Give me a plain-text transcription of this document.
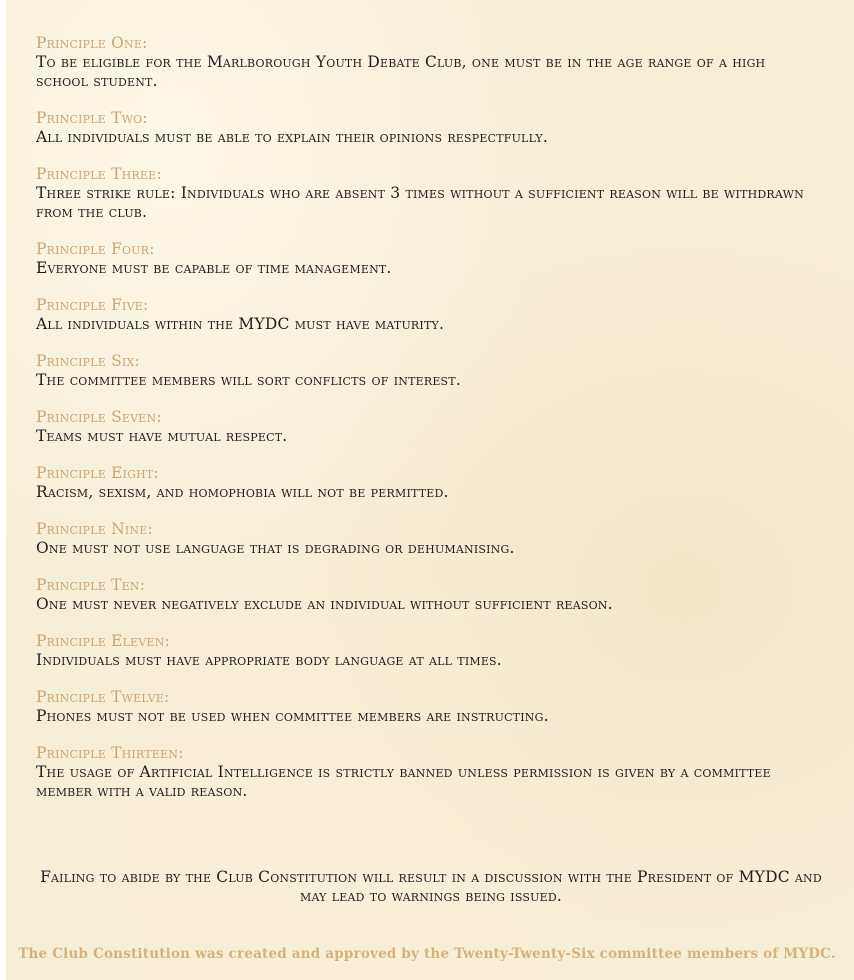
Principle One:
To be eligible for the Marlborough Youth Debate Club, one must be in the age range of a high school student.
Principle Two:
All individuals must be able to explain their opinions respectfully.
Principle Three:
Three strike rule: Individuals who are absent 3 times without a sufficient reason will be withdrawn from the club.
Principle Four:
Everyone must be capable of time management.
Principle Five:
All individuals within the MYDC must have maturity.
Principle Six:
The committee members will sort conflicts of interest.
Principle Seven:
Teams must have mutual respect.
Principle Eight:
Racism, sexism, and homophobia will not be permitted.
Principle Nine:
One must not use language that is degrading or dehumanising.
Principle Ten:
One must never negatively exclude an individual without sufficient reason.
Principle Eleven:
Individuals must have appropriate body language at all times.
Principle Twelve:
Phones must not be used when committee members are instructing.
Principle Thirteen:
The usage of Artificial Intelligence is strictly banned unless permission is given by a committee member with a valid reason.
Failing to abide by the Club Constitution will result in a discussion with the President of MYDC and may lead to warnings being issued.
The Club Constitution was created and approved by the Twenty-Twenty-Six committee members of MYDC.
